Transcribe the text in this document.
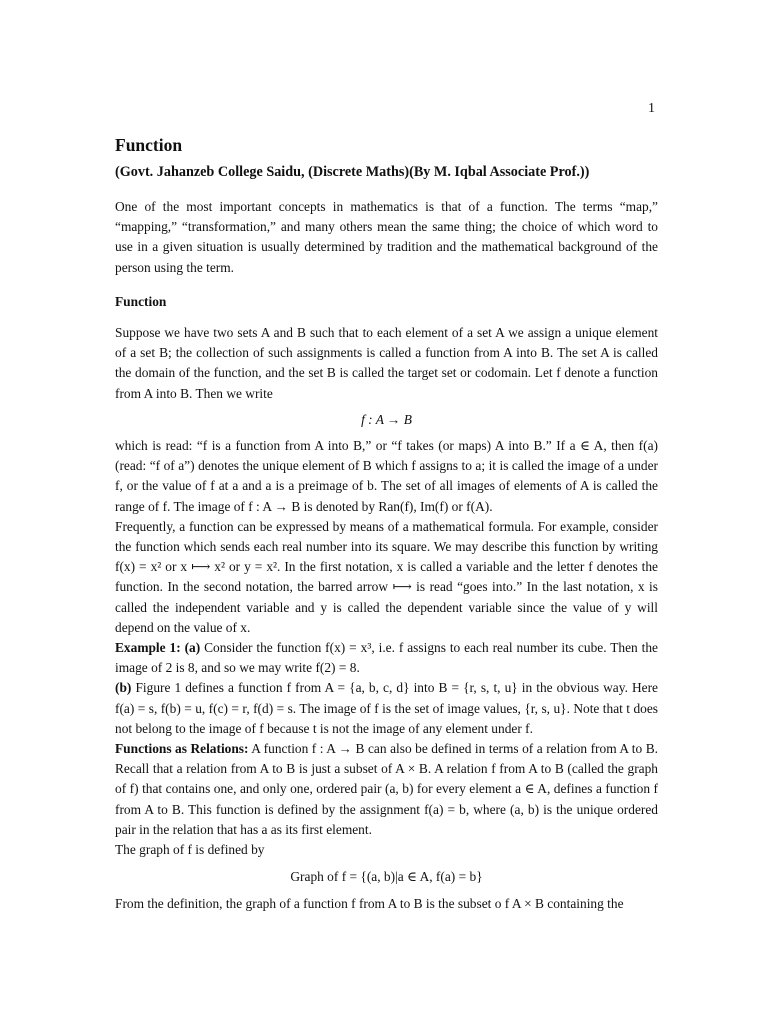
1
Function
(Govt. Jahanzeb College Saidu, (Discrete Maths)(By M. Iqbal Associate Prof.))

One of the most important concepts in mathematics is that of a function. The terms “map,” “mapping,” “transformation,” and many others mean the same thing; the choice of which word to use in a given situation is usually determined by tradition and the mathematical background of the person using the term.

Function

Suppose we have two sets A and B such that to each element of a set A we assign a unique element of a set B; the collection of such assignments is called a function from A into B. The set A is called the domain of the function, and the set B is called the target set or codomain. Let f denote a function from A into B. Then we write

f : A → B

which is read: “f is a function from A into B,” or “f takes (or maps) A into B.” If a ∈ A, then f(a) (read: “f of a”) denotes the unique element of B which f assigns to a; it is called the image of a under f, or the value of f at a and a is a preimage of b. The set of all images of elements of A is called the range of f. The image of f : A → B is denoted by Ran(f), Im(f) or f(A).

Frequently, a function can be expressed by means of a mathematical formula. For example, consider the function which sends each real number into its square. We may describe this function by writing f(x) = x² or x ⟼ x² or y = x². In the first notation, x is called a variable and the letter f denotes the function. In the second notation, the barred arrow ⟼ is read “goes into.” In the last notation, x is called the independent variable and y is called the dependent variable since the value of y will depend on the value of x.

Example 1: (a) Consider the function f(x) = x³, i.e. f assigns to each real number its cube. Then the image of 2 is 8, and so we may write f(2) = 8.

(b) Figure 1 defines a function f from A = {a, b, c, d} into B = {r, s, t, u} in the obvious way. Here f(a) = s, f(b) = u, f(c) = r, f(d) = s. The image of f is the set of image values, {r, s, u}. Note that t does not belong to the image of f because t is not the image of any element under f.

Functions as Relations: A function f : A → B can also be defined in terms of a relation from A to B. Recall that a relation from A to B is just a subset of A × B. A relation f from A to B (called the graph of f) that contains one, and only one, ordered pair (a, b) for every element a ∈ A, defines a function f from A to B. This function is defined by the assignment f(a) = b, where (a, b) is the unique ordered pair in the relation that has a as its first element.

The graph of f is defined by

Graph of f = {(a, b)|a ∈ A, f(a) = b}

From the definition, the graph of a function f from A to B is the subset o f A × B containing the
